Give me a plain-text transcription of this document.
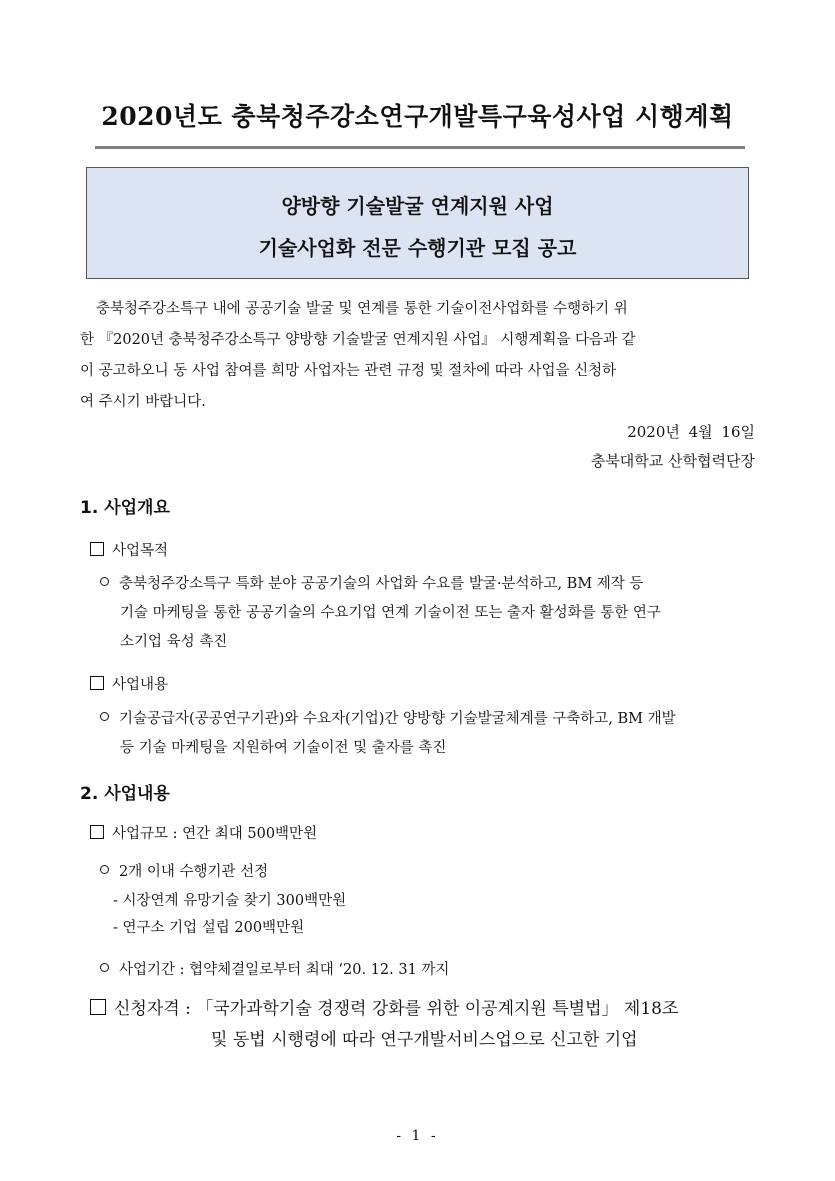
2020년도 충북청주강소연구개발특구육성사업 시행계획
양방향 기술발굴 연계지원 사업
기술사업화 전문 수행기관 모집 공고
충북청주강소특구 내에 공공기술 발굴 및 연계를 통한 기술이전사업화를 수행하기 위
한 『2020년 충북청주강소특구 양방향 기술발굴 연계지원 사업』 시행계획을 다음과 같
이 공고하오니 동 사업 참여를 희망 사업자는 관련 규정 및 절차에 따라 사업을 신청하
여 주시기 바랍니다.
2020년 4월 16일
충북대학교 산학협력단장
1. 사업개요
사업목적
충북청주강소특구 특화 분야 공공기술의 사업화 수요를 발굴·분석하고, BM 제작 등
기술 마케팅을 통한 공공기술의 수요기업 연계 기술이전 또는 출자 활성화를 통한 연구
소기업 육성 촉진
사업내용
기술공급자(공공연구기관)와 수요자(기업)간 양방향 기술발굴체계를 구축하고, BM 개발
등 기술 마케팅을 지원하여 기술이전 및 출자를 촉진
2. 사업내용
사업규모 : 연간 최대 500백만원
2개 이내 수행기관 선정
- 시장연계 유망기술 찾기 300백만원
- 연구소 기업 설립 200백만원
사업기간 : 협약체결일로부터 최대 ‘20. 12. 31 까지
신청자격 : 「국가과학기술 경쟁력 강화를 위한 이공계지원 특별법」 제18조
및 동법 시행령에 따라 연구개발서비스업으로 신고한 기업
- 1 -
